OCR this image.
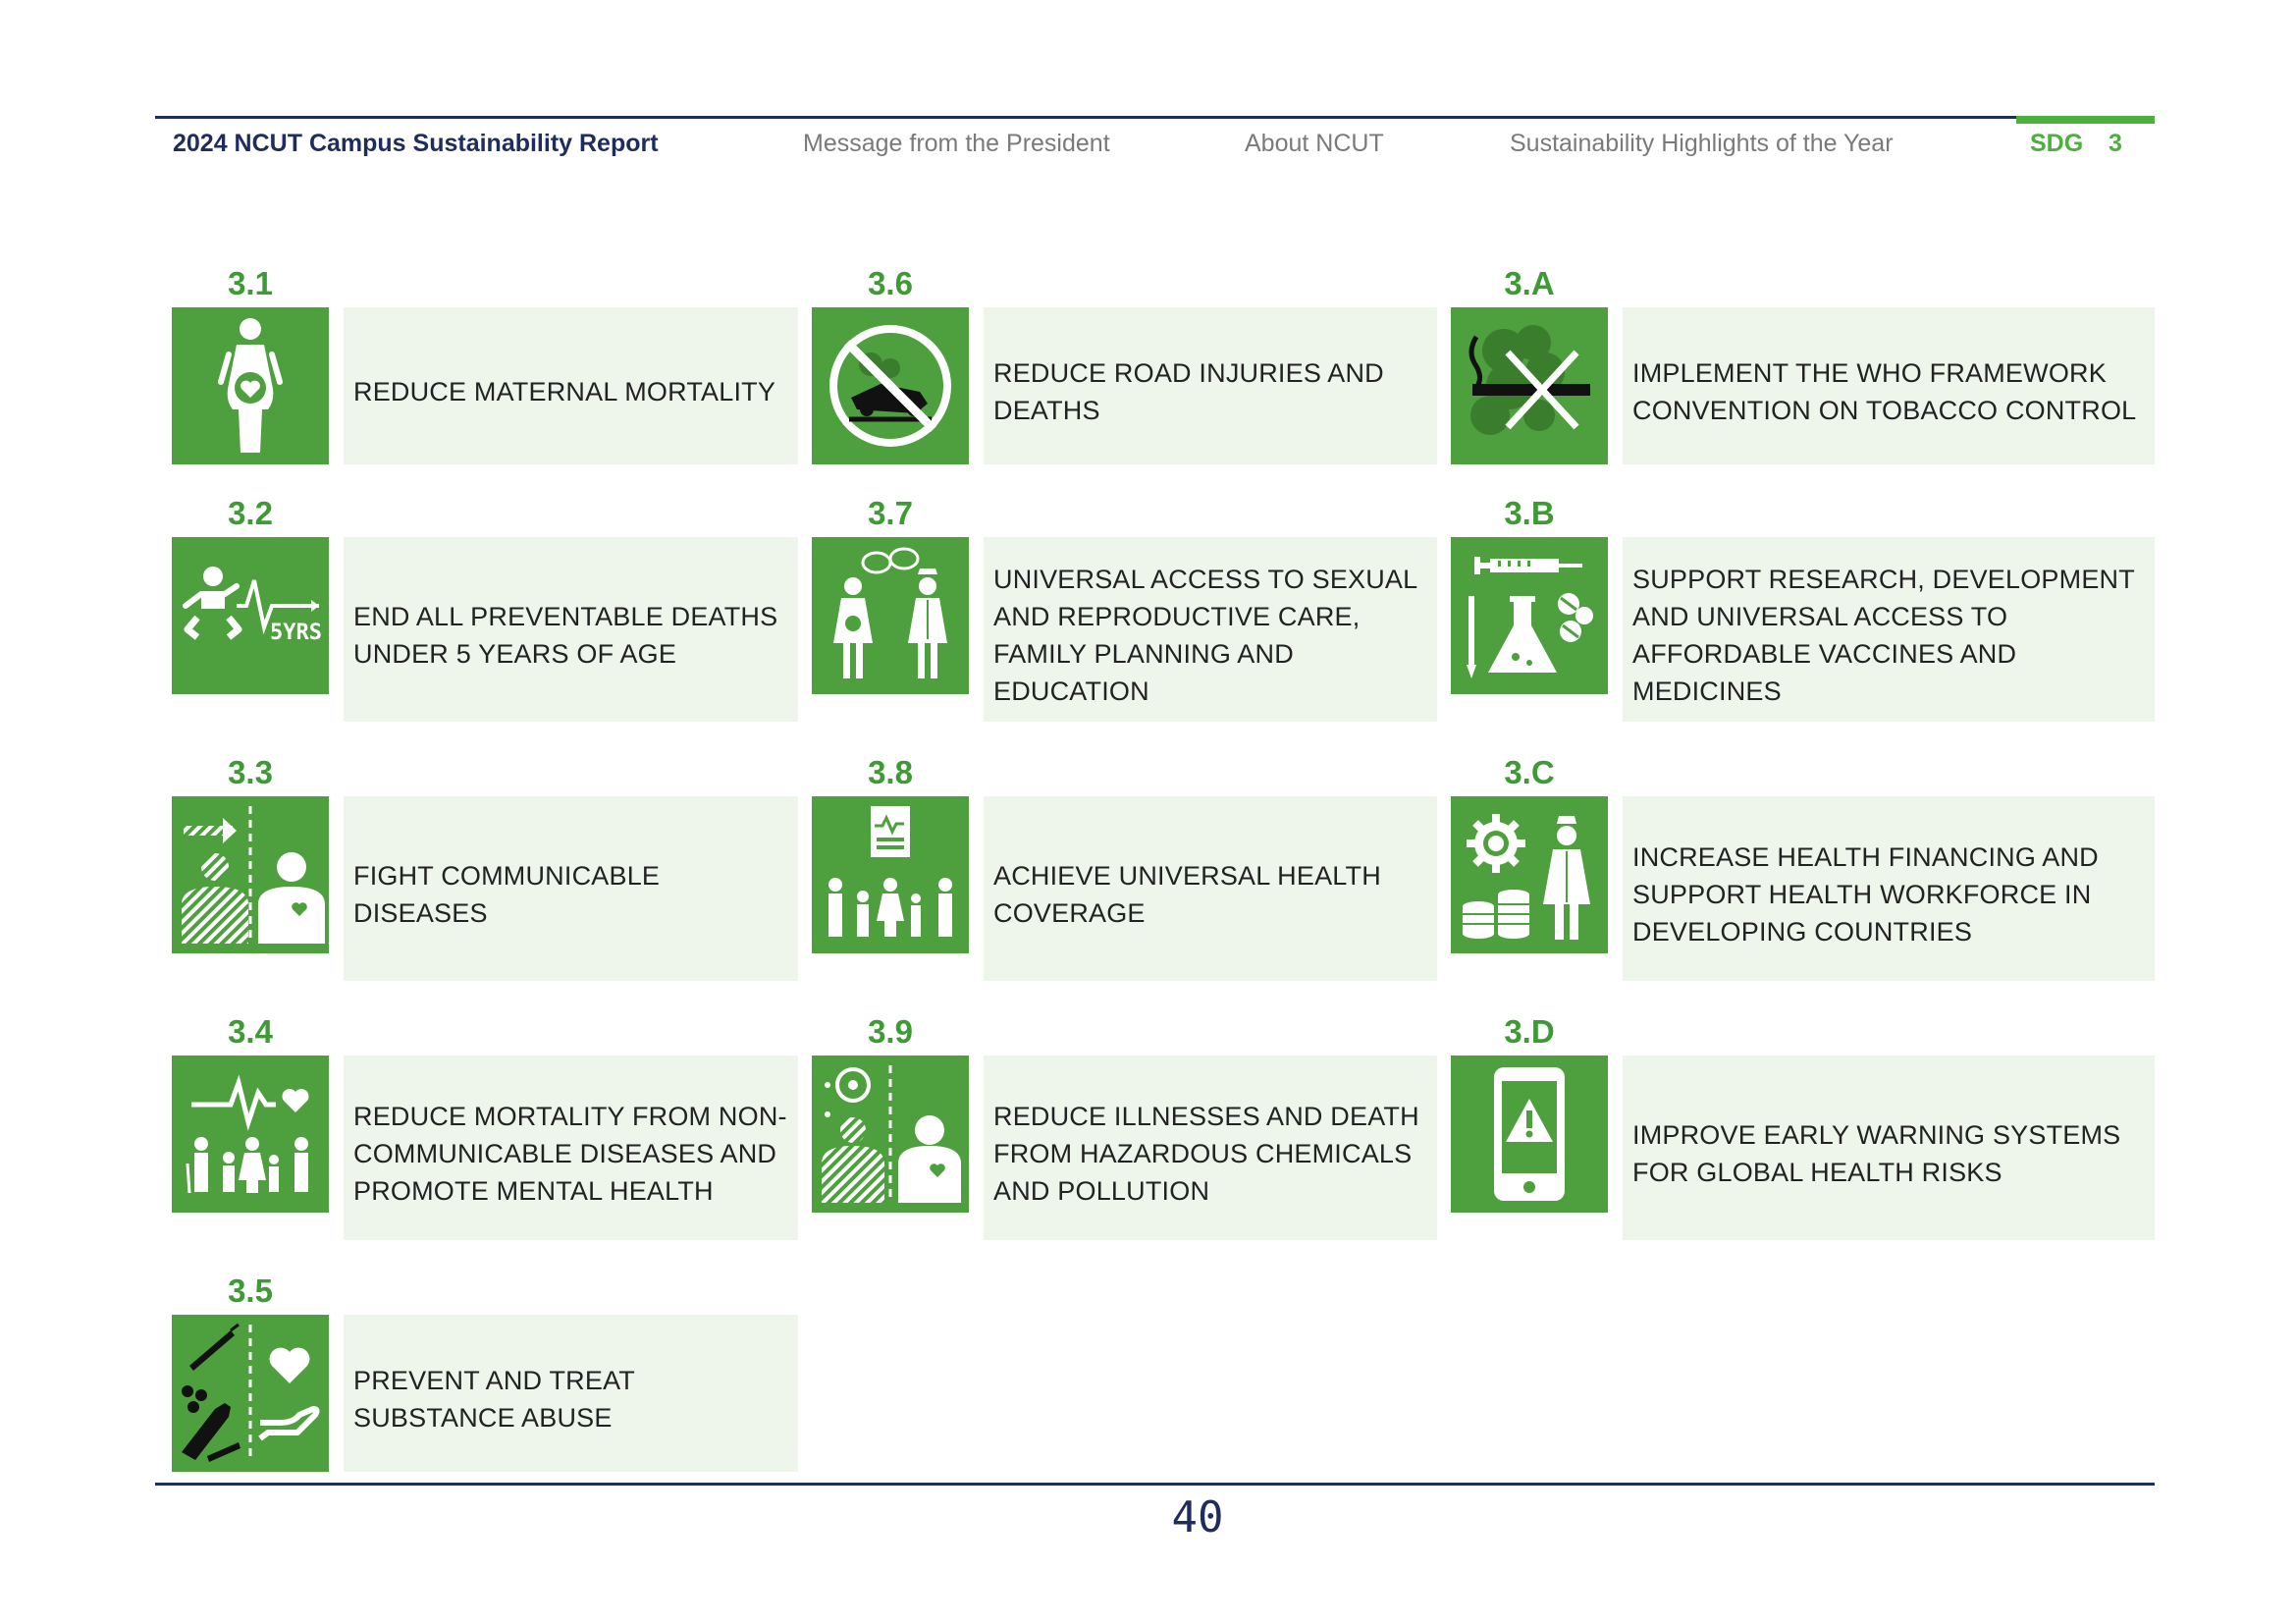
2024 NCUT Campus Sustainability Report	Message from the President	About NCUT	Sustainability Highlights of the Year	SDG 3
3.1
REDUCE MATERNAL MORTALITY
3.2
5YRS
END ALL PREVENTABLE DEATHS UNDER 5 YEARS OF AGE
3.3
FIGHT COMMUNICABLE DISEASES
3.4
REDUCE MORTALITY FROM NON-COMMUNICABLE DISEASES AND PROMOTE MENTAL HEALTH
3.5
PREVENT AND TREAT SUBSTANCE ABUSE
3.6
REDUCE ROAD INJURIES AND DEATHS
3.7
UNIVERSAL ACCESS TO SEXUAL AND REPRODUCTIVE CARE, FAMILY PLANNING AND EDUCATION
3.8
ACHIEVE UNIVERSAL HEALTH COVERAGE
3.9
REDUCE ILLNESSES AND DEATH FROM HAZARDOUS CHEMICALS AND POLLUTION
3.A
IMPLEMENT THE WHO FRAMEWORK CONVENTION ON TOBACCO CONTROL
3.B
SUPPORT RESEARCH, DEVELOPMENT AND UNIVERSAL ACCESS TO AFFORDABLE VACCINES AND MEDICINES
3.C
INCREASE HEALTH FINANCING AND SUPPORT HEALTH WORKFORCE IN DEVELOPING COUNTRIES
3.D
IMPROVE EARLY WARNING SYSTEMS FOR GLOBAL HEALTH RISKS
40
